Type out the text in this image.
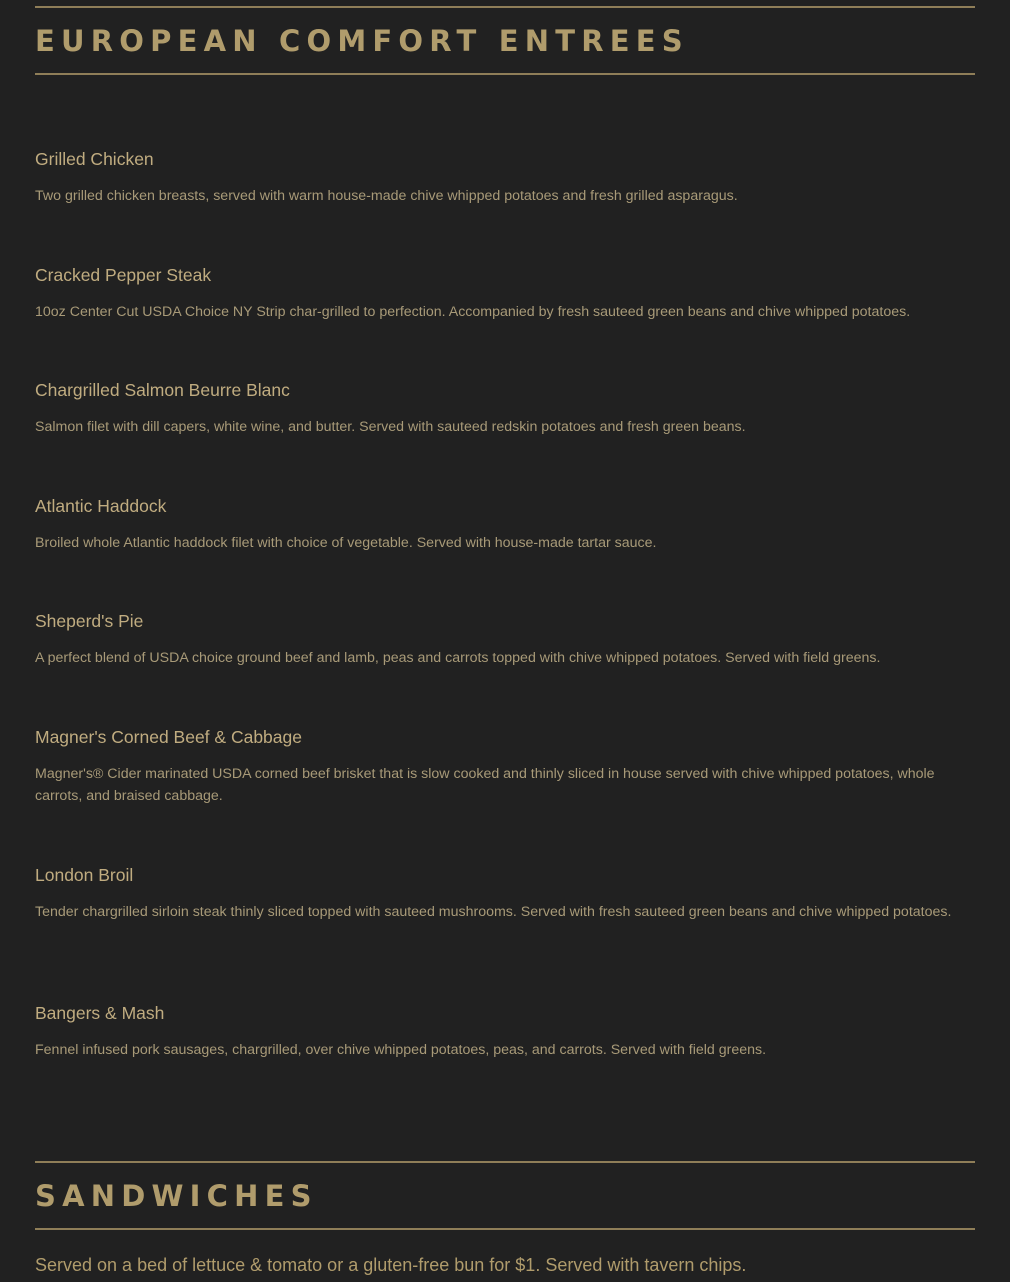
EUROPEAN COMFORT ENTREES
Grilled Chicken

Two grilled chicken breasts, served with warm house-made chive whipped potatoes and fresh grilled asparagus.

Cracked Pepper Steak

10oz Center Cut USDA Choice NY Strip char-grilled to perfection. Accompanied by fresh sauteed green beans and chive whipped potatoes.

Chargrilled Salmon Beurre Blanc

Salmon filet with dill capers, white wine, and butter. Served with sauteed redskin potatoes and fresh green beans.

Atlantic Haddock

Broiled whole Atlantic haddock filet with choice of vegetable. Served with house-made tartar sauce.

Sheperd's Pie

A perfect blend of USDA choice ground beef and lamb, peas and carrots topped with chive whipped potatoes. Served with field greens.

Magner's Corned Beef & Cabbage

Magner's® Cider marinated USDA corned beef brisket that is slow cooked and thinly sliced in house served with chive whipped potatoes, whole carrots, and braised cabbage.

London Broil

Tender chargrilled sirloin steak thinly sliced topped with sauteed mushrooms. Served with fresh sauteed green beans and chive whipped potatoes.

Bangers & Mash

Fennel infused pork sausages, chargrilled, over chive whipped potatoes, peas, and carrots. Served with field greens.

SANDWICHES

Served on a bed of lettuce & tomato or a gluten-free bun for $1. Served with tavern chips.
